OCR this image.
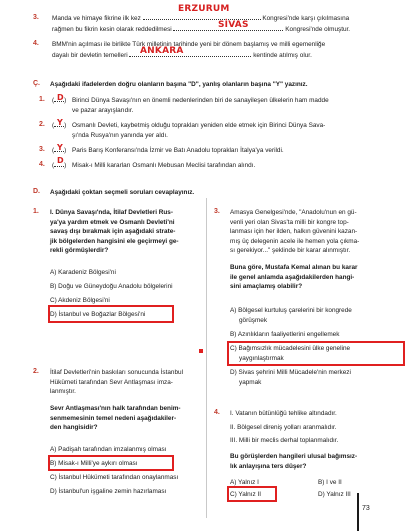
3.
ERZURUM
Manda ve himaye fikrine ilk kez	Kongresi'nde karşı çıkılmasına
SİVAS
rağmen bu fikrin kesin olarak reddedilmesi	Kongresi'nde olmuştur.
4. BMM'nin açılması ile birlikte Türk milletinin tarihinde yeni bir dönem başlamış ve milli egemenliğe
ANKARA
dayalı bir devletin temelleri	kentinde atılmış olur.
Ç. Aşağıdaki ifadelerden doğru olanların başına "D", yanlış olanların başına "Y" yazınız.
1. ( )
D Birinci Dünya Savaşı'nın en önemli nedenlerinden biri de sanayileşen ülkelerin ham madde
ve pazar arayışlarıdır.
2. ( )
Y Osmanlı Devleti, kaybetmiş olduğu toprakları yeniden elde etmek için Birinci Dünya Sava-
şı'nda Rusya'nın yanında yer aldı.
3. ( )
Y Paris Barış Konferansı'nda İzmir ve Batı Anadolu toprakları İtalya'ya verildi.
4. ( )
D
Misak-ı Milli kararları Osmanlı Mebusan Meclisi tarafından alındı.
D. Aşağıdaki çoktan seçmeli soruları cevaplayınız.
1. I. Dünya Savaşı'nda, İtilaf Devletleri Rus-
ya'ya yardım etmek ve Osmanlı Devleti'ni
savaş dışı bırakmak için aşağıdaki strate-
jik bölgelerden hangisini ele geçirmeyi ge-
rekli görmüşlerdir?
A) Karadeniz Bölgesi'ni
B) Doğu ve Güneydoğu Anadolu bölgelerini
C) Akdeniz Bölgesi'ni
D) İstanbul ve Boğazlar Bölgesi'ni
2. İtilaf Devletleri'nin baskıları sonucunda İstanbul
Hükümeti tarafından Sevr Antlaşması imza-
lanmıştır.
Sevr Antlaşması'nın halk tarafından benim-
senmemesinin temel nedeni aşağıdakiler-
den hangisidir?
A) Padişah tarafından imzalanmış olması
B) Misak-ı Milli'ye aykırı olması
C) İstanbul Hükümeti tarafından onaylanması
D) İstanbul'un işgaline zemin hazırlaması
3. Amasya Genelgesi'nde, "Anadolu'nun en gü-
venli yeri olan Sivas'ta milli bir kongre top-
lanması için her ilden, halkın güvenini kazan-
mış üç delegenin acele ile hemen yola çıkma-
sı gerekiyor..." şeklinde bir karar alınmıştır.
Buna göre, Mustafa Kemal alınan bu karar
ile genel anlamda aşağıdakilerden hangi-
sini amaçlamış olabilir?
A) Bölgesel kurtuluş çarelerini bir kongrede
görüşmek
B) Azınlıkların faaliyetlerini engellemek
C) Bağımsızlık mücadelesini ülke geneline
yaygınlaştırmak
D) Sivas şehrini Milli Mücadele'nin merkezi
yapmak
4. I. Vatanın bütünlüğü tehlike altındadır.
II. Bölgesel direniş yolları aranmalıdır.
III. Milli bir meclis derhal toplanmalıdır.
Bu görüşlerden hangileri ulusal bağımsız-
lık anlayışına ters düşer?
A) Yalnız I	B) I ve II
C) Yalnız II	D) Yalnız III
73
